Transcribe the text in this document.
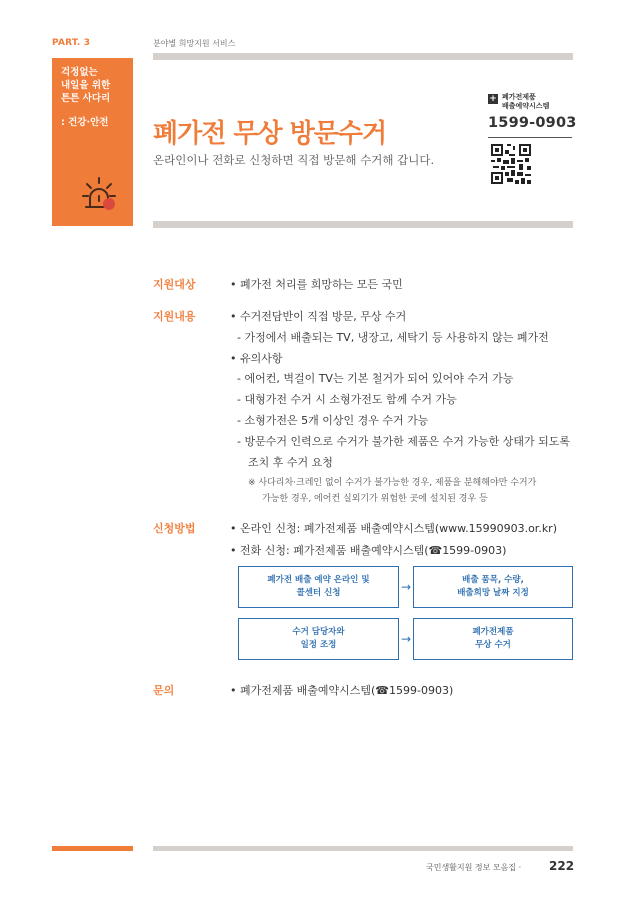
PART. 3	분야별 희망지원 서비스
걱정없는
내일을 위한
튼튼 사다리
: 건강·안전 폐가전 무상 방문수거
온라인이나 전화로 신청하면 직접 방문해 수거해 갑니다.
+ 폐가전제품
배출예약시스템
1599-0903
지원대상	• 폐가전 처리를 희망하는 모든 국민
지원내용	• 수거전담반이 직접 방문, 무상 수거
- 가정에서 배출되는 TV, 냉장고, 세탁기 등 사용하지 않는 폐가전
• 유의사항
- 에어컨, 벽걸이 TV는 기본 철거가 되어 있어야 수거 가능
- 대형가전 수거 시 소형가전도 함께 수거 가능
- 소형가전은 5개 이상인 경우 수거 가능
- 방문수거 인력으로 수거가 불가한 제품은 수거 가능한 상태가 되도록
조치 후 수거 요청
※ 사다리차·크레인 없이 수거가 불가능한 경우, 제품을 분해해야만 수거가
가능한 경우, 에어컨 실외기가 위험한 곳에 설치된 경우 등
신청방법	• 온라인 신청: 폐가전제품 배출예약시스템(www.15990903.or.kr)
• 전화 신청: 폐가전제품 배출예약시스템(☎1599-0903)
폐가전 배출 예약 온라인 및
콜센터 신청	→	배출 품목, 수량,
배출희망 날짜 지정
수거 담당자와
일정 조정	→	폐가전제품
무상 수거
문의	• 폐가전제품 배출예약시스템(☎1599-0903)
국민생활지원 정보 모음집 · 222
